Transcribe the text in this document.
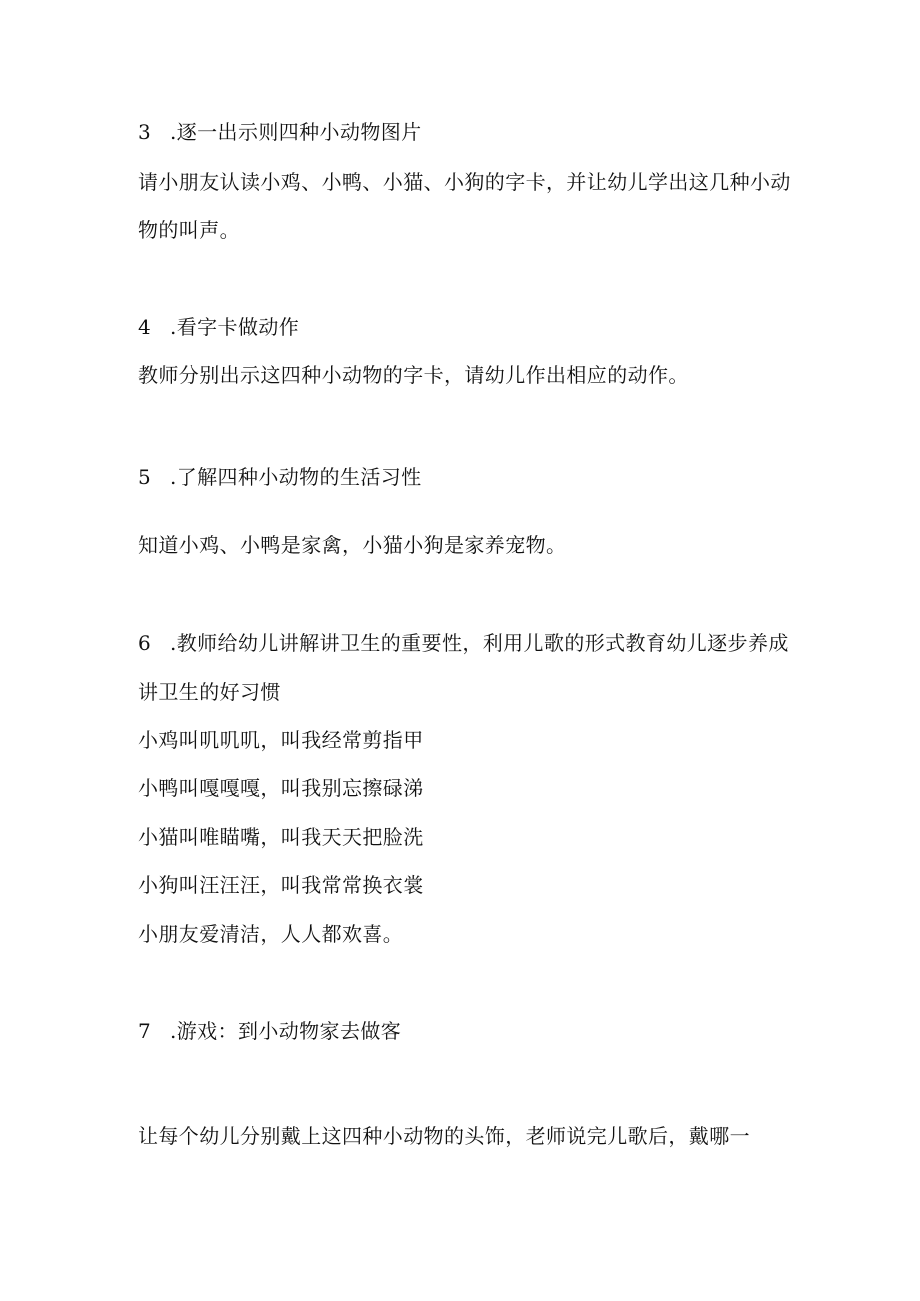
3 .逐一出示则四种小动物图片
请小朋友认读小鸡、小鸭、小猫、小狗的字卡，并让幼儿学出这几种小动
物的叫声。
4 .看字卡做动作
教师分别出示这四种小动物的字卡，请幼儿作出相应的动作。
5 .了解四种小动物的生活习性
知道小鸡、小鸭是家禽，小猫小狗是家养宠物。
6 .教师给幼儿讲解讲卫生的重要性，利用儿歌的形式教育幼儿逐步养成
讲卫生的好习惯
小鸡叫叽叽叽，叫我经常剪指甲
小鸭叫嘎嘎嘎，叫我别忘擦碌涕
小猫叫唯瞄嘴，叫我天天把脸洗
小狗叫汪汪汪，叫我常常换衣裳
小朋友爱清洁，人人都欢喜。
7 .游戏：到小动物家去做客
让每个幼儿分别戴上这四种小动物的头饰，老师说完儿歌后，戴哪一
